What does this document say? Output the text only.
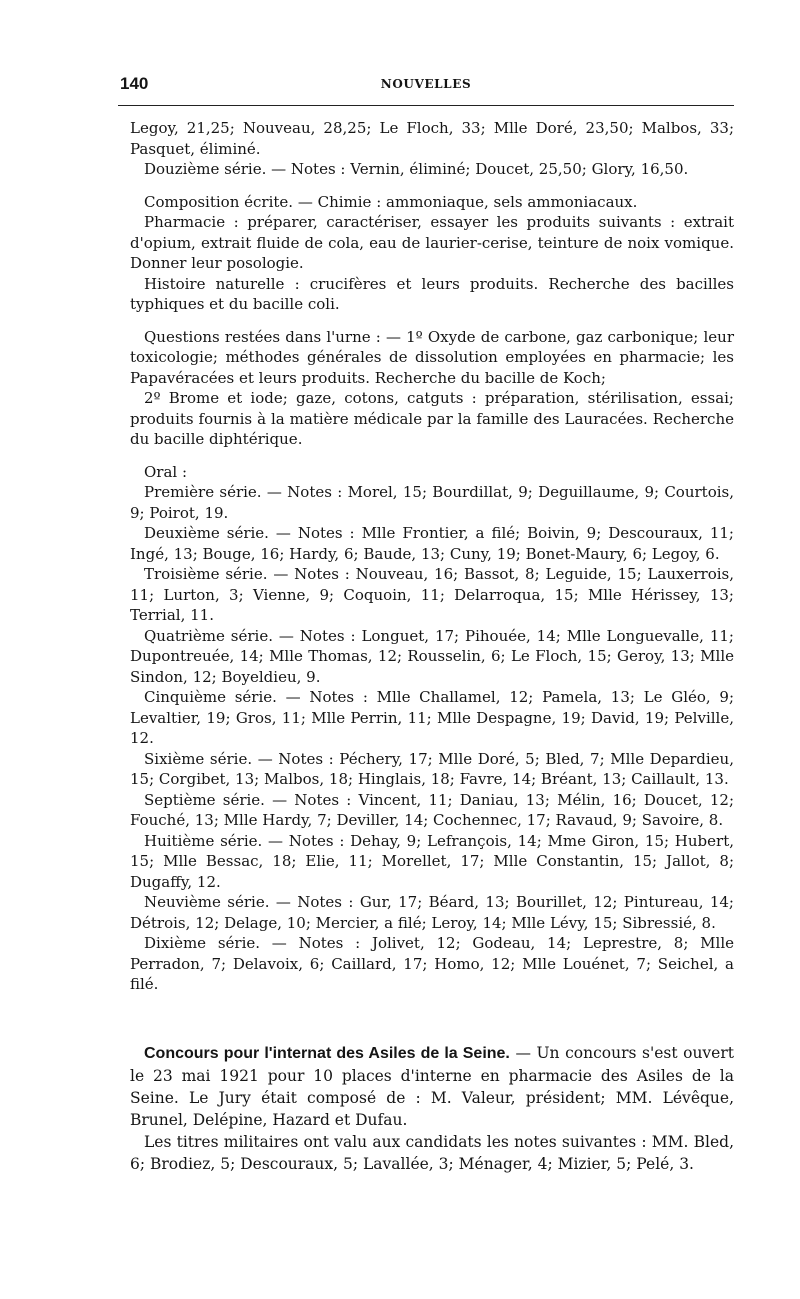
140	NOUVELLES

Legoy, 21,25; Nouveau, 28,25; Le Floch, 33; Mlle Doré, 23,50; Malbos, 33; Pasquet, éliminé.

Douzième série. — Notes : Vernin, éliminé; Doucet, 25,50; Glory, 16,50.

Composition écrite. — Chimie : ammoniaque, sels ammoniacaux.

Pharmacie : préparer, caractériser, essayer les produits suivants : extrait d'opium, extrait fluide de cola, eau de laurier-cerise, teinture de noix vomique. Donner leur posologie.

Histoire naturelle : crucifères et leurs produits. Recherche des bacilles typhiques et du bacille coli.

Questions restées dans l'urne : — 1º Oxyde de carbone, gaz carbonique; leur toxicologie; méthodes générales de dissolution employées en pharmacie; les Papavéracées et leurs produits. Recherche du bacille de Koch;

2º Brome et iode; gaze, cotons, catguts : préparation, stérilisation, essai; produits fournis à la matière médicale par la famille des Lauracées. Recherche du bacille diphtérique.

Oral :

Première série. — Notes : Morel, 15; Bourdillat, 9; Deguillaume, 9; Courtois, 9; Poirot, 19.

Deuxième série. — Notes : Mlle Frontier, a filé; Boivin, 9; Descouraux, 11; Ingé, 13; Bouge, 16; Hardy, 6; Baude, 13; Cuny, 19; Bonet-Maury, 6; Legoy, 6.

Troisième série. — Notes : Nouveau, 16; Bassot, 8; Leguide, 15; Lauxerrois, 11; Lurton, 3; Vienne, 9; Coquoin, 11; Delarroqua, 15; Mlle Hérissey, 13; Terrial, 11.

Quatrième série. — Notes : Longuet, 17; Pihouée, 14; Mlle Longuevalle, 11; Dupontreuée, 14; Mlle Thomas, 12; Rousselin, 6; Le Floch, 15; Geroy, 13; Mlle Sindon, 12; Boyeldieu, 9.

Cinquième série. — Notes : Mlle Challamel, 12; Pamela, 13; Le Gléo, 9; Levaltier, 19; Gros, 11; Mlle Perrin, 11; Mlle Despagne, 19; David, 19; Pelville, 12.

Sixième série. — Notes : Péchery, 17; Mlle Doré, 5; Bled, 7; Mlle Depardieu, 15; Corgibet, 13; Malbos, 18; Hinglais, 18; Favre, 14; Bréant, 13; Caillault, 13.

Septième série. — Notes : Vincent, 11; Daniau, 13; Mélin, 16; Doucet, 12; Fouché, 13; Mlle Hardy, 7; Deviller, 14; Cochennec, 17; Ravaud, 9; Savoire, 8.

Huitième série. — Notes : Dehay, 9; Lefrançois, 14; Mme Giron, 15; Hubert, 15; Mlle Bessac, 18; Elie, 11; Morellet, 17; Mlle Constantin, 15; Jallot, 8; Dugaffy, 12.

Neuvième série. — Notes : Gur, 17; Béard, 13; Bourillet, 12; Pintureau, 14; Détrois, 12; Delage, 10; Mercier, a filé; Leroy, 14; Mlle Lévy, 15; Sibressié, 8.

Dixième série. — Notes : Jolivet, 12; Godeau, 14; Leprestre, 8; Mlle Perradon, 7; Delavoix, 6; Caillard, 17; Homo, 12; Mlle Louénet, 7; Seichel, a filé.

Concours pour l'internat des Asiles de la Seine. — Un concours s'est ouvert le 23 mai 1921 pour 10 places d'interne en pharmacie des Asiles de la Seine. Le Jury était composé de : M. Valeur, président; MM. Lévêque, Brunel, Delépine, Hazard et Dufau.

Les titres militaires ont valu aux candidats les notes suivantes : MM. Bled, 6; Brodiez, 5; Descouraux, 5; Lavallée, 3; Ménager, 4; Mizier, 5; Pelé, 3.
